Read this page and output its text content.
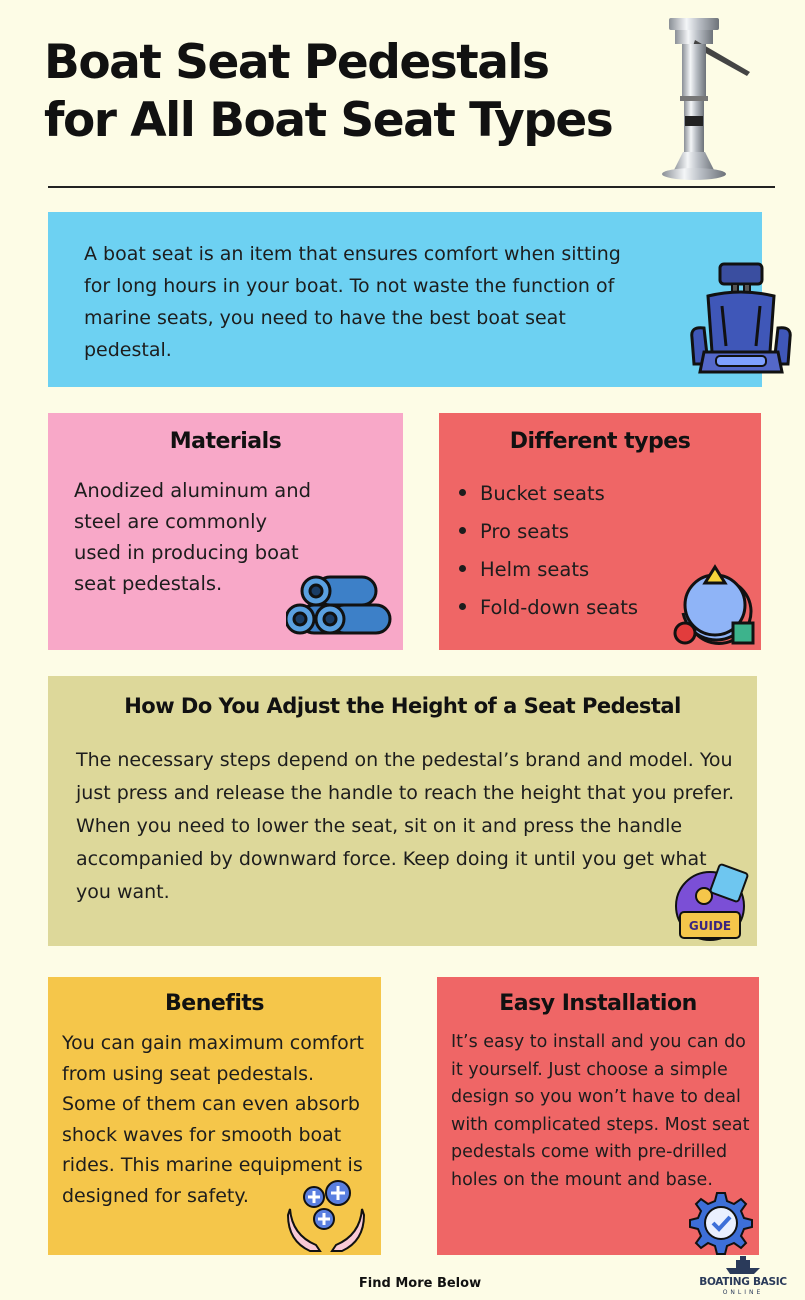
Boat Seat Pedestals
for All Boat Seat Types

A boat seat is an item that ensures comfort when sitting for long hours in your boat. To not waste the function of marine seats, you need to have the best boat seat pedestal.

Materials

Anodized aluminum and steel are commonly used in producing boat seat pedestals.

Different types
Bucket seats
Pro seats
Helm seats
Fold-down seats
How Do You Adjust the Height of a Seat Pedestal

The necessary steps depend on the pedestal’s brand and model. You just press and release the handle to reach the height that you prefer. When you need to lower the seat, sit on it and press the handle accompanied by downward force. Keep doing it until you get what you want.

GUIDE
Benefits

You can gain maximum comfort from using seat pedestals. Some of them can even absorb shock waves for smooth boat rides. This marine equipment is designed for safety.

Easy Installation

It’s easy to install and you can do it yourself. Just choose a simple design so you won’t have to deal with complicated steps. Most seat pedestals come with pre-drilled holes on the mount and base.

Find More Below	BOATING BASIC
ONLINE
